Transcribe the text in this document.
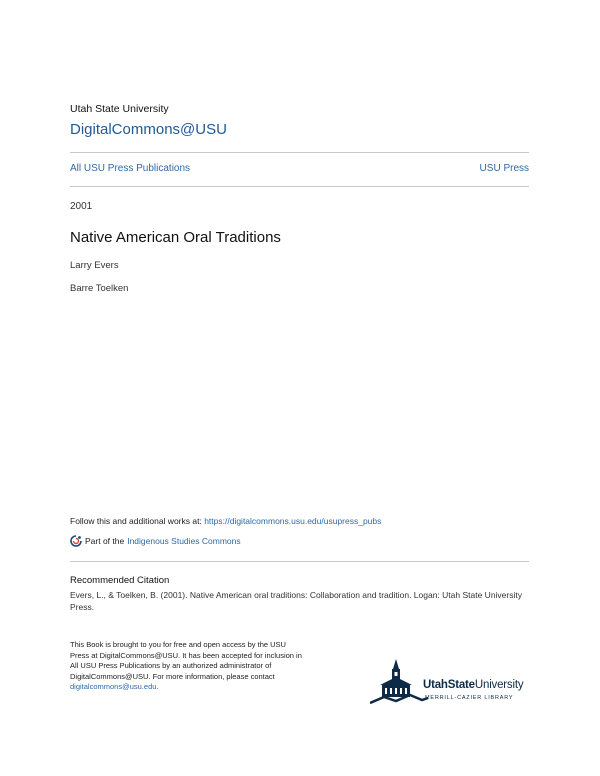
Utah State University
DigitalCommons@USU
All USU Press Publications	USU Press
2001
Native American Oral Traditions
Larry Evers
Barre Toelken
Follow this and additional works at: https://digitalcommons.usu.edu/usupress_pubs
Part of the Indigenous Studies Commons
Recommended Citation
Evers, L., & Toelken, B. (2001). Native American oral traditions: Collaboration and tradition. Logan: Utah State University Press.
This Book is brought to you for free and open access by the USU Press at DigitalCommons@USU. It has been accepted for inclusion in All USU Press Publications by an authorized administrator of DigitalCommons@USU. For more information, please contact
digitalcommons@usu.edu.	UtahStateUniversity
MERRILL-CAZIER LIBRARY
